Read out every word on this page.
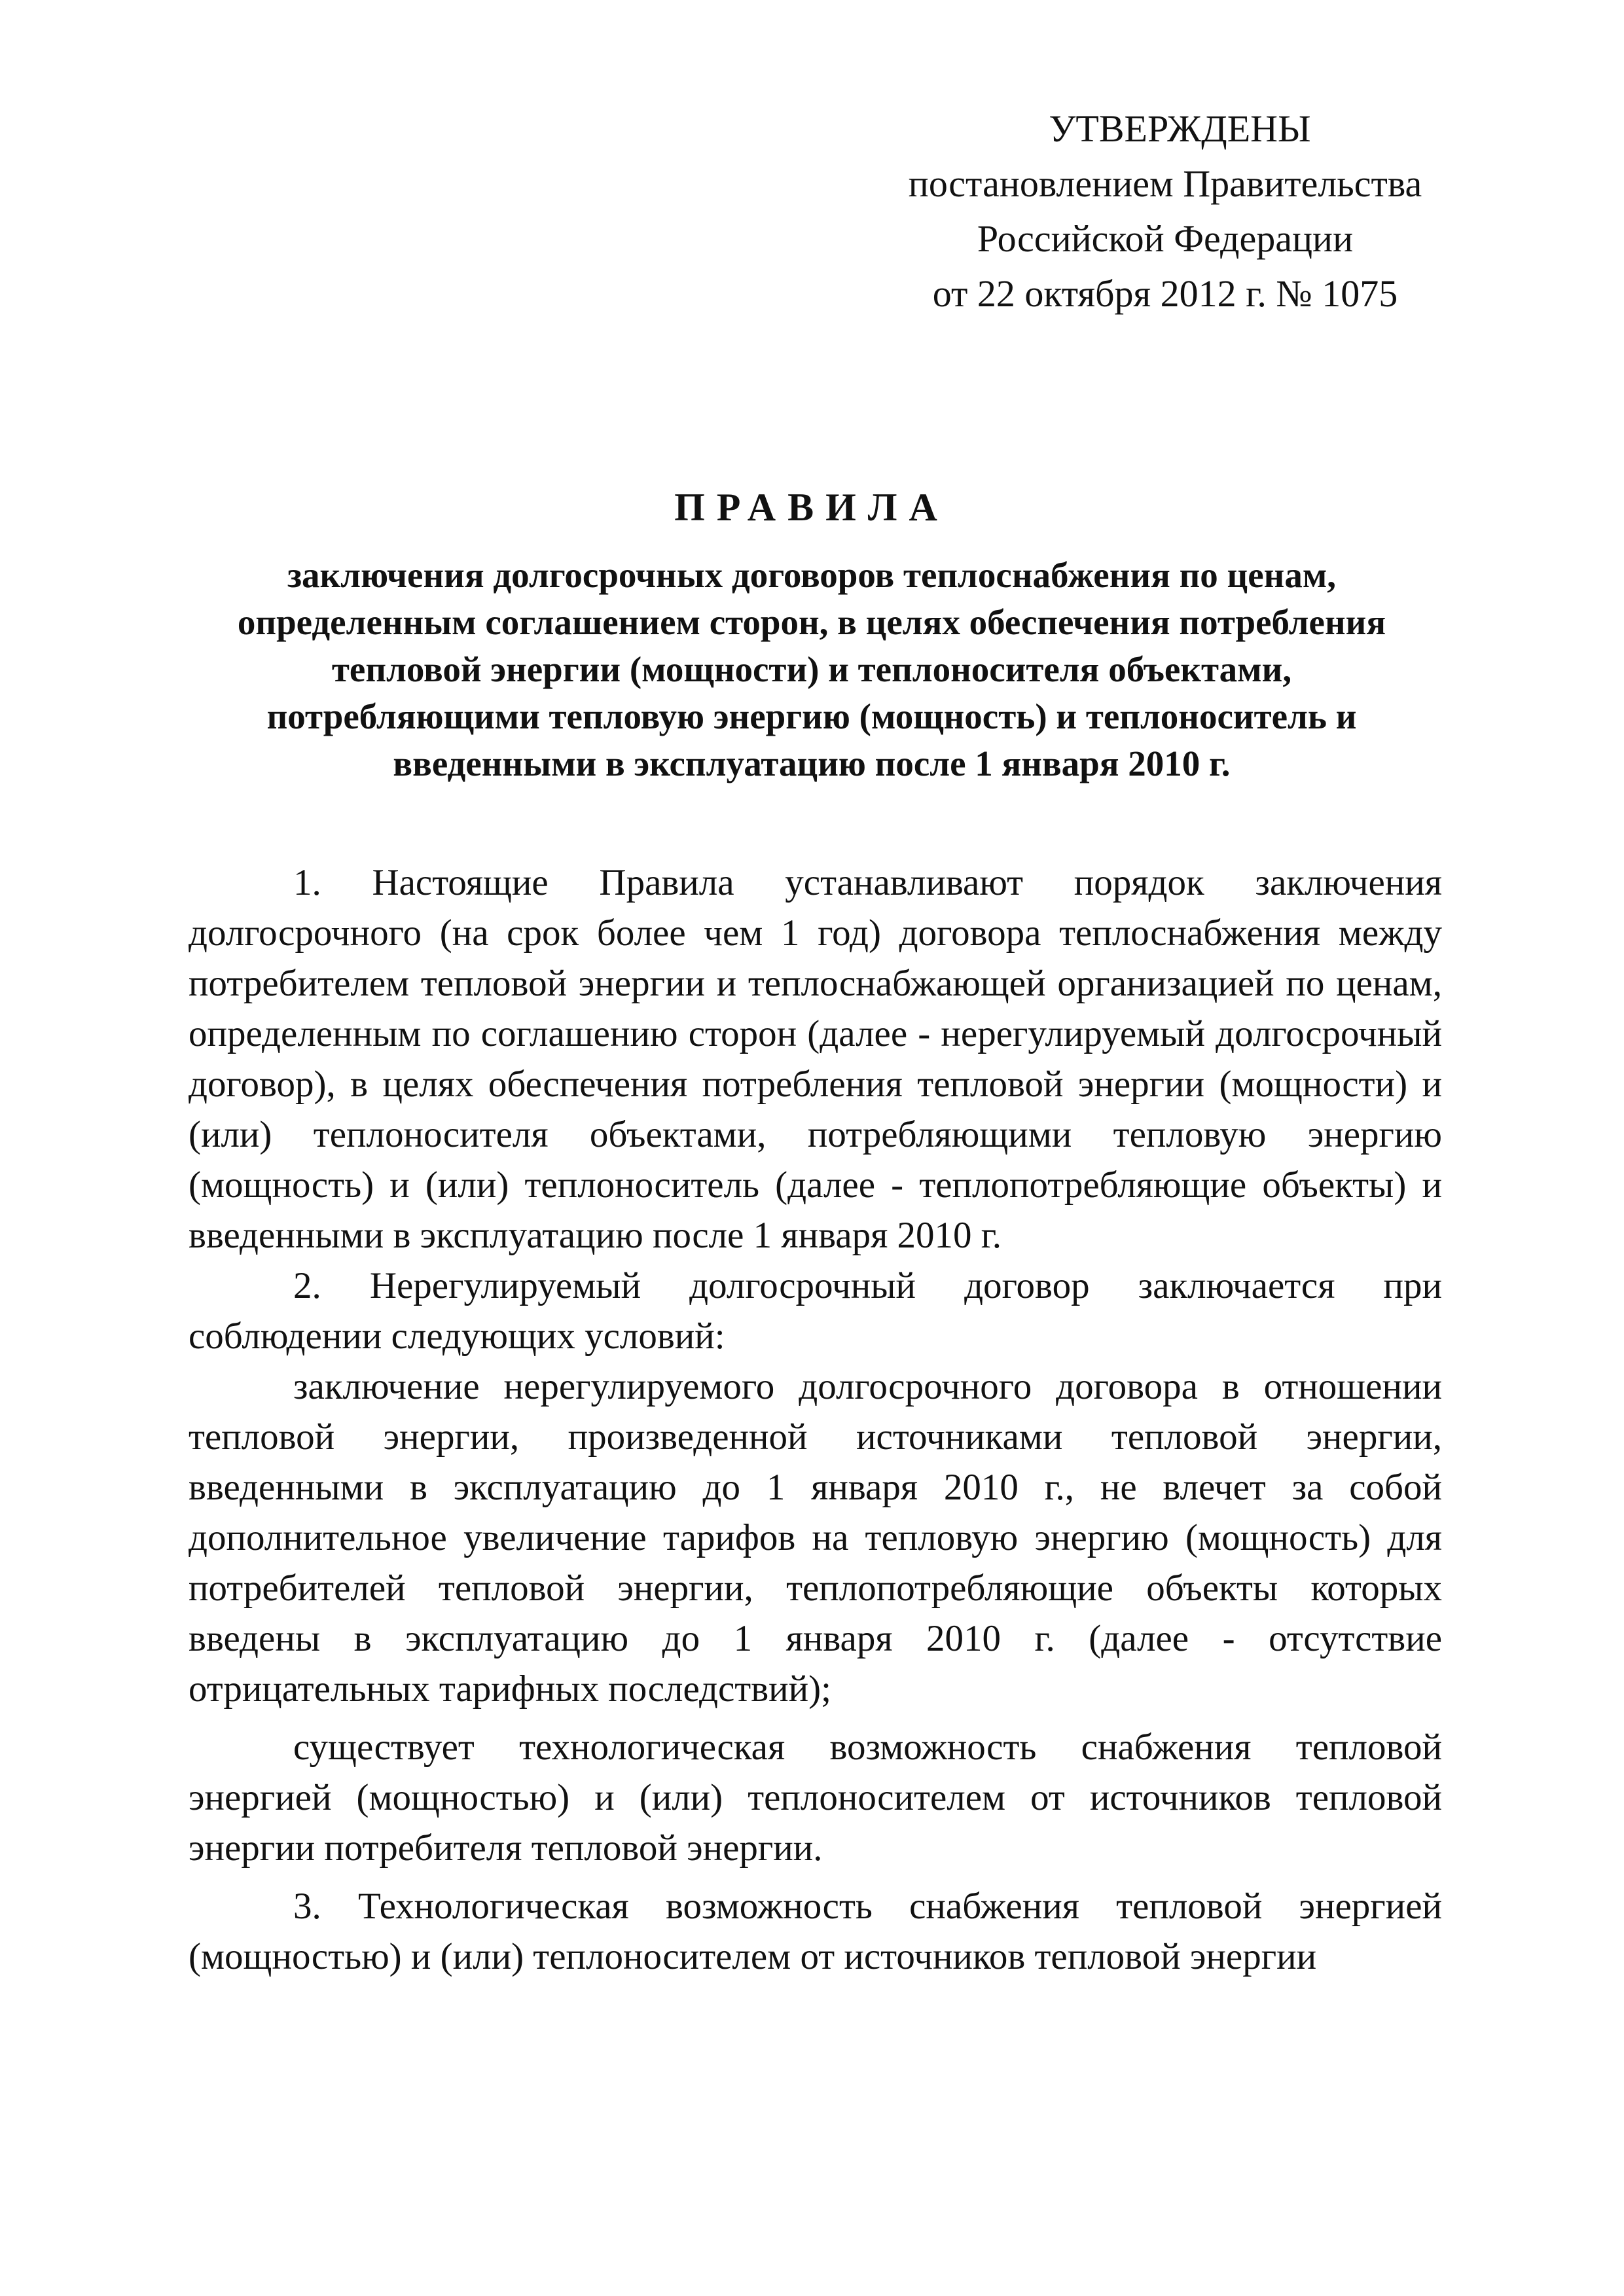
УТВЕРЖДЕНЫ
постановлением Правительства
Российской Федерации
от 22 октября 2012 г. № 1075
ПРАВИЛА
заключения долгосрочных договоров теплоснабжения по ценам,
определенным соглашением сторон, в целях обеспечения потребления
тепловой энергии (мощности) и теплоносителя объектами,
потребляющими тепловую энергию (мощность) и теплоноситель и
введенными в эксплуатацию после 1 января 2010 г.

1. Настоящие Правила устанавливают порядок заключения долгосрочного (на срок более чем 1 год) договора теплоснабжения между потребителем тепловой энергии и теплоснабжающей организацией по ценам, определенным по соглашению сторон (далее - нерегулируемый долгосрочный договор), в целях обеспечения потребления тепловой энергии (мощности) и (или) теплоносителя объектами, потребляющими тепловую энергию (мощность) и (или) теплоноситель (далее - теплопотребляющие объекты) и введенными в эксплуатацию после 1 января 2010 г.

2. Нерегулируемый долгосрочный договор заключается при соблюдении следующих условий:

заключение нерегулируемого долгосрочного договора в отношении тепловой энергии, произведенной источниками тепловой энергии, введенными в эксплуатацию до 1 января 2010 г., не влечет за собой дополнительное увеличение тарифов на тепловую энергию (мощность) для потребителей тепловой энергии, теплопотребляющие объекты которых введены в эксплуатацию до 1 января 2010 г. (далее - отсутствие отрицательных тарифных последствий);

существует технологическая возможность снабжения тепловой энергией (мощностью) и (или) теплоносителем от источников тепловой энергии потребителя тепловой энергии.

3. Технологическая возможность снабжения тепловой энергией (мощностью) и (или) теплоносителем от источников тепловой энергии
